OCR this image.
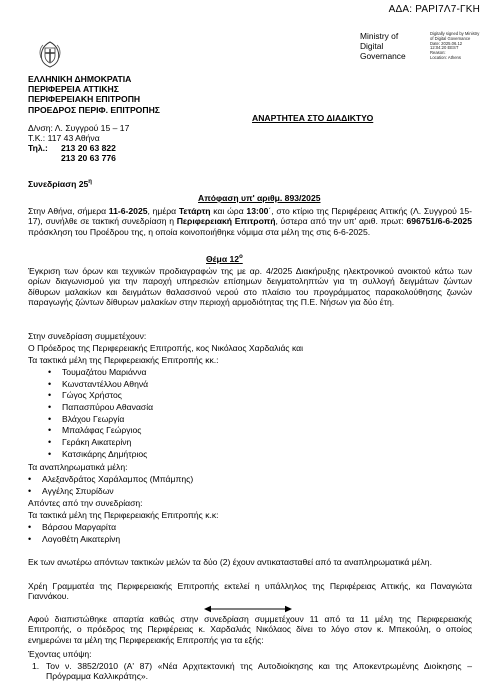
ΑΔΑ: ΡΑΡΙ7Λ7-ΓΚΗ
ΕΛΛΗΝΙΚΗ ΔΗΜΟΚΡΑΤΙΑ
ΠΕΡΙΦΕΡΕΙΑ ΑΤΤΙΚΗΣ
ΠΕΡΙΦΕΡΕΙΑΚΗ ΕΠΙΤΡΟΠΗ
ΠΡΟΕΔΡΟΣ ΠΕΡΙΦ. ΕΠΙΤΡΟΠΗΣ
Δ/νση: Λ. Συγγρού 15 – 17
Τ.Κ.: 117 43 Αθήνα
Τηλ.: 213 20 63 822
213 20 63 776
ΑΝΑΡΤΗΤΕΑ ΣΤΟ ΔΙΑΔΙΚΤΥΟ
Ministry of
Digital
Governance
Digitally signed by Ministry
of Digital Governance
Date: 2025.06.12
12:04:20 EEST
Reason:
Location: Athens
Συνεδρίαση $25^\eta$
Απόφαση υπ' αριθμ. 893/2025
Στην Αθήνα, σήμερα 11-6-2025, ημέρα Τετάρτη και ώρα 13:00΄, στο κτίριο της Περιφέρειας Αττικής (Λ. Συγγρού 15-17), συνήλθε σε τακτική συνεδρίαση η Περιφερειακή Επιτροπή, ύστερα από την υπ' αριθ. πρωτ: 696751/6-6-2025 πρόσκληση του Προέδρου της, η οποία κοινοποιήθηκε νόμιμα στα μέλη της στις 6-6-2025.
Θέμα $12^o$
Έγκριση των όρων και τεχνικών προδιαγραφών της με αρ. 4/2025 Διακήρυξης ηλεκτρονικού ανοικτού κάτω των ορίων διαγωνισμού για την παροχή υπηρεσιών επίσημων δειγματοληπτών για τη συλλογή δειγμάτων ζώντων δίθυρων μαλακίων και δειγμάτων θαλασσινού νερού στο πλαίσιο του προγράμματος παρακολούθησης ζωνών παραγωγής ζώντων δίθυρων μαλακίων στην περιοχή αρμοδιότητας της Π.Ε. Νήσων για δύο έτη.
Στην συνεδρίαση συμμετέχουν:
Ο Πρόεδρος της Περιφερειακής Επιτροπής, κος Νικόλαος Χαρδαλιάς και
Τα τακτικά μέλη της Περιφερειακής Επιτροπής κκ.:
• Τουμαζάτου Μαριάννα
• Κωνσταντέλλου Αθηνά
• Γώγος Χρήστος
• Παπασπύρου Αθανασία
• Βλάχου Γεωργία
• Μπαλάφας Γεώργιος
• Γεράκη Αικατερίνη
• Κατσικάρης Δημήτριος
Τα αναπληρωματικά μέλη:
• Αλεξανδράτος Χαράλαμπος (Μπάμπης)
• Αγγέλης Σπυρίδων
Απόντες από την συνεδρίαση:
Τα τακτικά μέλη της Περιφερειακής Επιτροπής κ.κ:
• Βάρσου Μαργαρίτα
• Λογοθέτη Αικατερίνη
Εκ των ανωτέρω απόντων τακτικών μελών τα δύο (2) έχουν αντικατασταθεί από τα αναπληρωματικά μέλη.
Χρέη Γραμματέα της Περιφερειακής Επιτροπής εκτελεί η υπάλληλος της Περιφέρειας Αττικής, κα Παναγιώτα Γιαννάκου.
Αφού διαπιστώθηκε απαρτία καθώς στην συνεδρίαση συμμετέχουν 11 από τα 11 μέλη της Περιφερειακής Επιτροπής, ο πρόεδρος της Περιφέρειας κ. Χαρδαλιάς Νικόλαος δίνει το λόγο στον κ. Μπεκούλη, ο οποίος ενημερώνει τα μέλη της Περιφερειακής Επιτροπής για τα εξής:
Έχοντας υπόψη:
1. Τον ν. 3852/2010 (Α' 87) «Νέα Αρχιτεκτονική της Αυτοδιοίκησης και της Αποκεντρωμένης Διοίκησης – Πρόγραμμα Καλλικράτης».
